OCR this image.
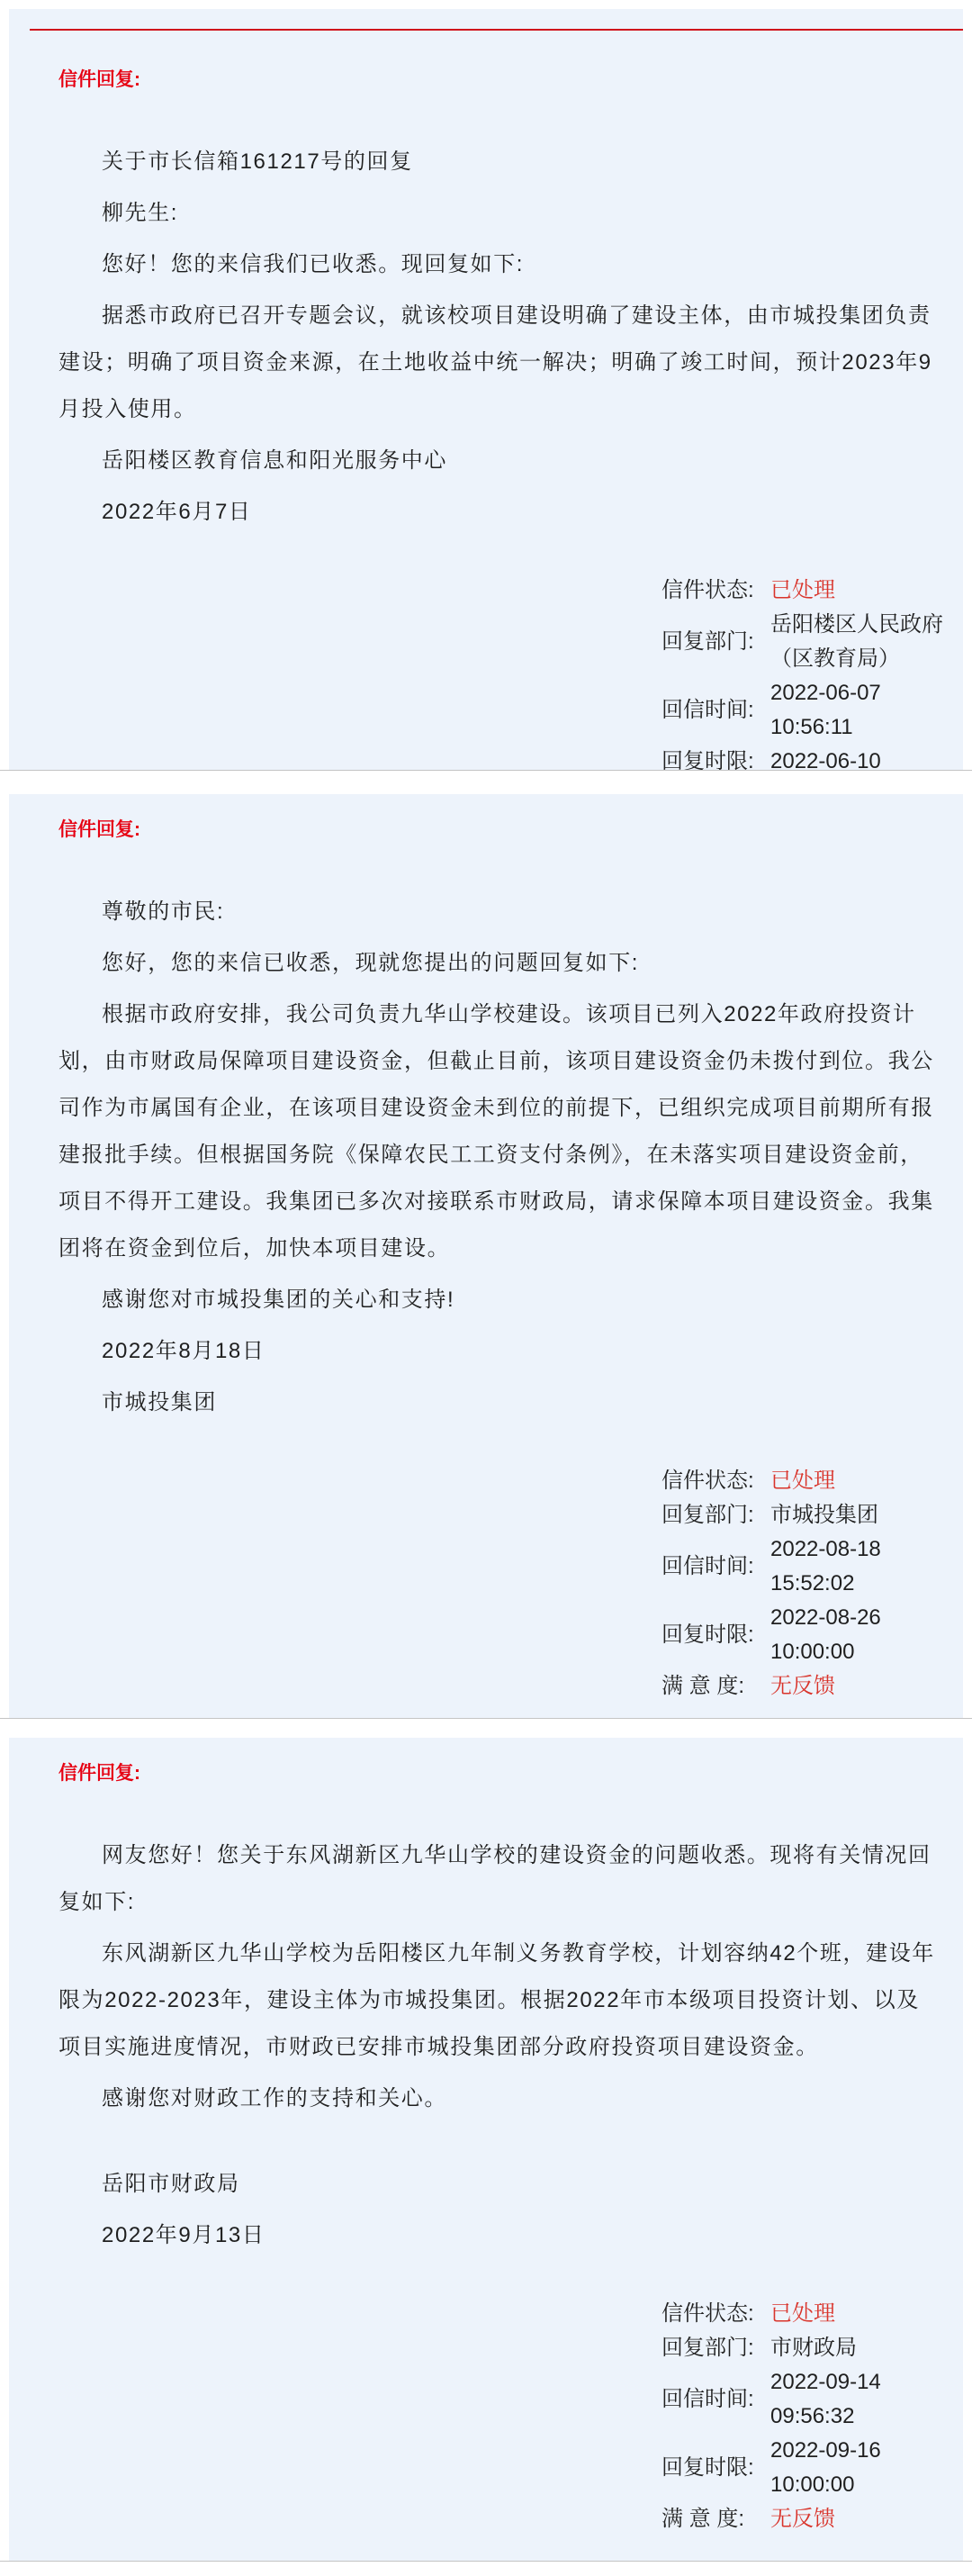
信件回复:

关于市长信箱161217号的回复

柳先生:

您好！您的来信我们已收悉。现回复如下:

据悉市政府已召开专题会议，就该校项目建设明确了建设主体，由市城投集团负责建设；明确了项目资金来源，在土地收益中统一解决；明确了竣工时间，预计2023年9月投入使用。

岳阳楼区教育信息和阳光服务中心

2022年6月7日

信件状态: 已处理
回复部门:
岳阳楼区人民政府（区教育局）
回信时间:
2022-06-07 10:56:11
回复时限: 2022-06-10
信件回复:

尊敬的市民:

您好，您的来信已收悉，现就您提出的问题回复如下:

根据市政府安排，我公司负责九华山学校建设。该项目已列入2022年政府投资计划，由市财政局保障项目建设资金，但截止目前，该项目建设资金仍未拨付到位。我公司作为市属国有企业，在该项目建设资金未到位的前提下，已组织完成项目前期所有报建报批手续。但根据国务院《保障农民工工资支付条例》，在未落实项目建设资金前，项目不得开工建设。我集团已多次对接联系市财政局，请求保障本项目建设资金。我集团将在资金到位后，加快本项目建设。

感谢您对市城投集团的关心和支持!

2022年8月18日

市城投集团

信件状态: 已处理
回复部门: 市城投集团
回信时间:
2022-08-18 15:52:02
回复时限:
2022-08-26 10:00:00
满 意 度:	无反馈
信件回复:

网友您好！您关于东风湖新区九华山学校的建设资金的问题收悉。现将有关情况回复如下:

东风湖新区九华山学校为岳阳楼区九年制义务教育学校，计划容纳42个班，建设年限为2022-2023年，建设主体为市城投集团。根据2022年市本级项目投资计划、以及项目实施进度情况，市财政已安排市城投集团部分政府投资项目建设资金。

感谢您对财政工作的支持和关心。

岳阳市财政局

2022年9月13日

信件状态: 已处理
回复部门: 市财政局
回信时间:
2022-09-14 09:56:32
回复时限:
2022-09-16 10:00:00
满 意 度:	无反馈
